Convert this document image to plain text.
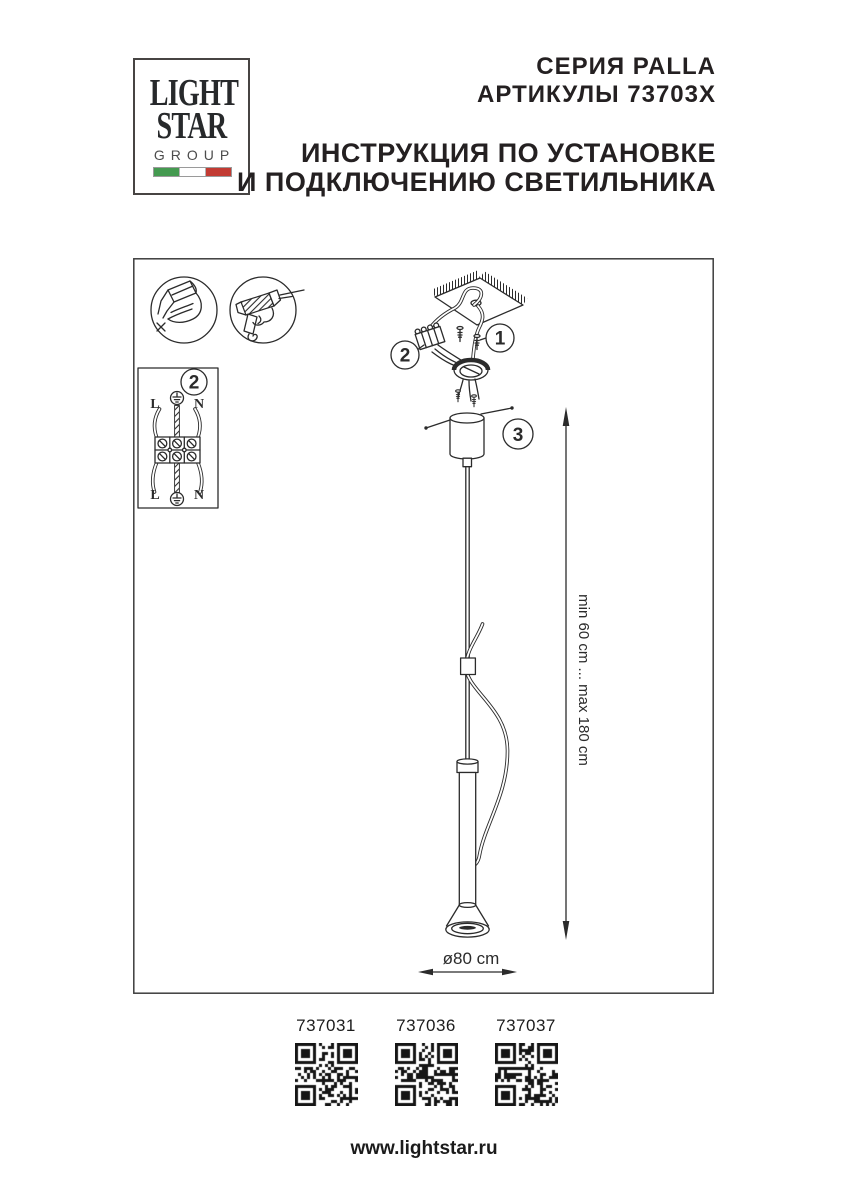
LIGHT
STAR
GROUP
СЕРИЯ PALLA
АРТИКУЛЫ 73703X
ИНСТРУКЦИЯ ПО УСТАНОВКЕ
И ПОДКЛЮЧЕНИЮ СВЕТИЛЬНИКА
2
L N
L N
1
2
3
ø80 cm
min 60 cm ... max 180 cm
737031	737036	737037
www.lightstar.ru
